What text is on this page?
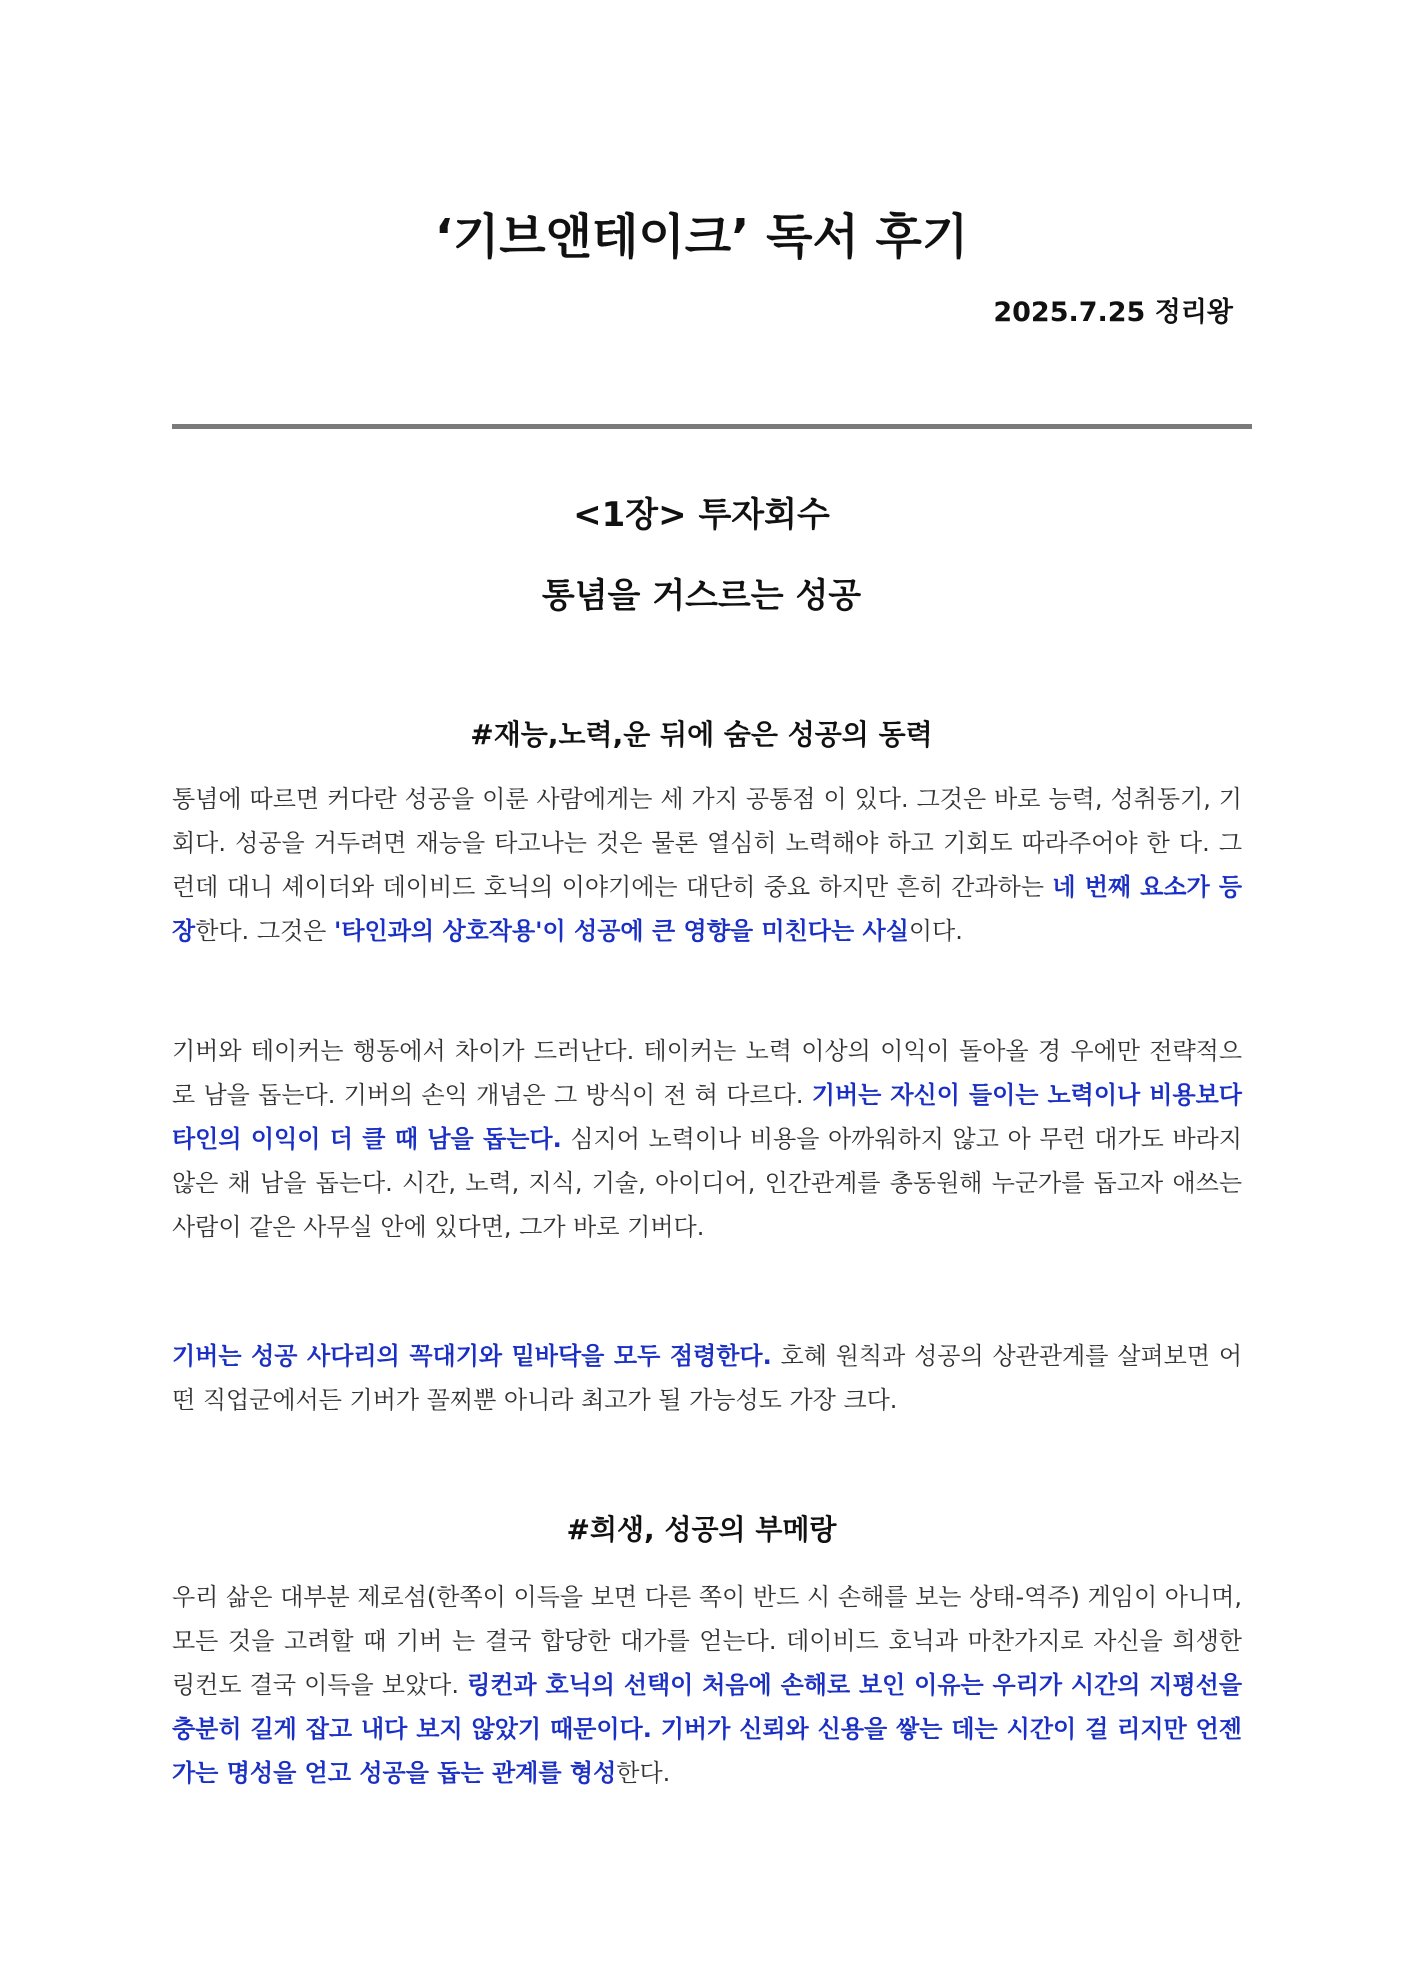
‘기브앤테이크’ 독서 후기
2025.7.25 정리왕
<1장> 투자회수
통념을 거스르는 성공
#재능,노력,운 뒤에 숨은 성공의 동력

통념에 따르면 커다란 성공을 이룬 사람에게는 세 가지 공통점 이 있다. 그것은 바로 능력, 성취동기, 기회다. 성공을 거두려면 재능을 타고나는 것은 물론 열심히 노력해야 하고 기회도 따라주어야 한 다. 그런데 대니 셰이더와 데이비드 호닉의 이야기에는 대단히 중요 하지만 흔히 간과하는 네 번째 요소가 등장한다. 그것은 '타인과의 상호작용'이 성공에 큰 영향을 미친다는 사실이다.

기버와 테이커는 행동에서 차이가 드러난다. 테이커는 노력 이상의 이익이 돌아올 경 우에만 전략적으로 남을 돕는다. 기버의 손익 개념은 그 방식이 전 혀 다르다. 기버는 자신이 들이는 노력이나 비용보다 타인의 이익이 더 클 때 남을 돕는다. 심지어 노력이나 비용을 아까워하지 않고 아 무런 대가도 바라지 않은 채 남을 돕는다. 시간, 노력, 지식, 기술, 아이디어, 인간관계를 총동원해 누군가를 돕고자 애쓰는 사람이 같은 사무실 안에 있다면, 그가 바로 기버다.

기버는 성공 사다리의 꼭대기와 밑바닥을 모두 점령한다. 호혜 원칙과 성공의 상관관계를 살펴보면 어떤 직업군에서든 기버가 꼴찌뿐 아니라 최고가 될 가능성도 가장 크다.

#희생, 성공의 부메랑

우리 삶은 대부분 제로섬(한쪽이 이득을 보면 다른 쪽이 반드 시 손해를 보는 상태-역주) 게임이 아니며, 모든 것을 고려할 때 기버 는 결국 합당한 대가를 얻는다. 데이비드 호닉과 마찬가지로 자신을 희생한 링컨도 결국 이득을 보았다. 링컨과 호닉의 선택이 처음에 손해로 보인 이유는 우리가 시간의 지평선을 충분히 길게 잡고 내다 보지 않았기 때문이다. 기버가 신뢰와 신용을 쌓는 데는 시간이 걸 리지만 언젠가는 명성을 얻고 성공을 돕는 관계를 형성한다.
